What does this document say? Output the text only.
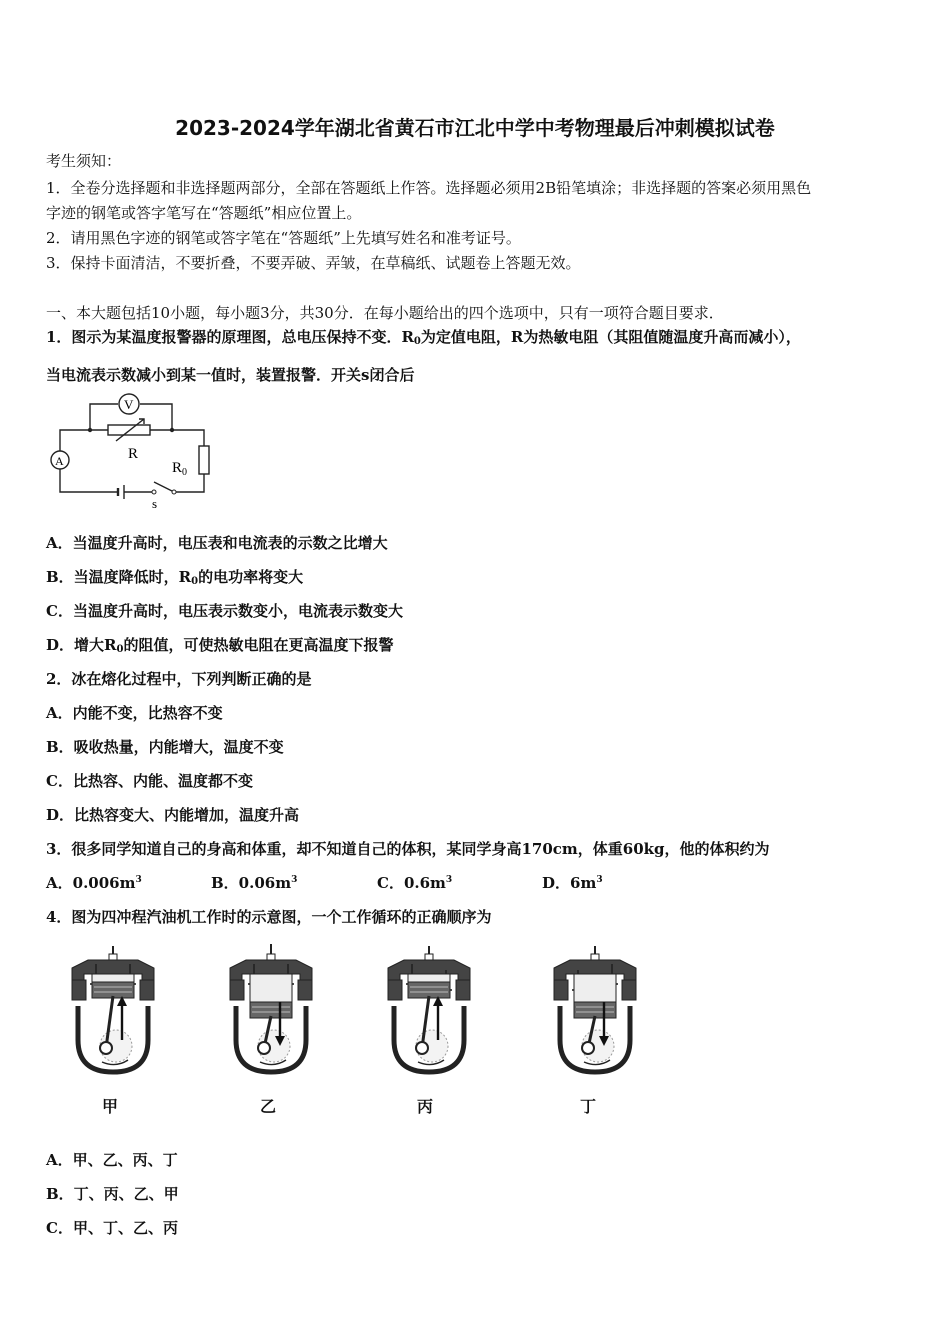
2023-2024学年湖北省黄石市江北中学中考物理最后冲刺模拟试卷
考生须知：
1．全卷分选择题和非选择题两部分，全部在答题纸上作答。选择题必须用2B铅笔填涂；非选择题的答案必须用黑色
字迹的钢笔或答字笔写在“答题纸”相应位置上。
2．请用黑色字迹的钢笔或答字笔在“答题纸”上先填写姓名和准考证号。
3．保持卡面清洁，不要折叠，不要弄破、弄皱，在草稿纸、试题卷上答题无效。
一、本大题包括10小题，每小题3分，共30分．在每小题给出的四个选项中，只有一项符合题目要求．
1．图示为某温度报警器的原理图，总电压保持不变．$R_0$为定值电阻，R为热敏电阻（其阻值随温度升高而减小），
当电流表示数减小到某一值时，装置报警．开关s闭合后
V
A	R
$R_0$
s
A．当温度升高时，电压表和电流表的示数之比增大
B．当温度降低时，$R_0$的电功率将变大
C．当温度升高时，电压表示数变小，电流表示数变大
D．增大$R_0$的阻值，可使热敏电阻在更高温度下报警
2．冰在熔化过程中，下列判断正确的是
A．内能不变，比热容不变
B．吸收热量，内能增大，温度不变
C．比热容、内能、温度都不变
D．比热容变大、内能增加，温度升高
3．很多同学知道自己的身高和体重，却不知道自己的体积，某同学身高170cm，体重60kg，他的体积约为
A．$0.006m^3$	B．$0.06m^3$	C．$0.6m^3$	D．$6m^3$
4．图为四冲程汽油机工作时的示意图，一个工作循环的正确顺序为
甲	乙	丙	丁
A．甲、乙、丙、丁
B．丁、丙、乙、甲
C．甲、丁、乙、丙
